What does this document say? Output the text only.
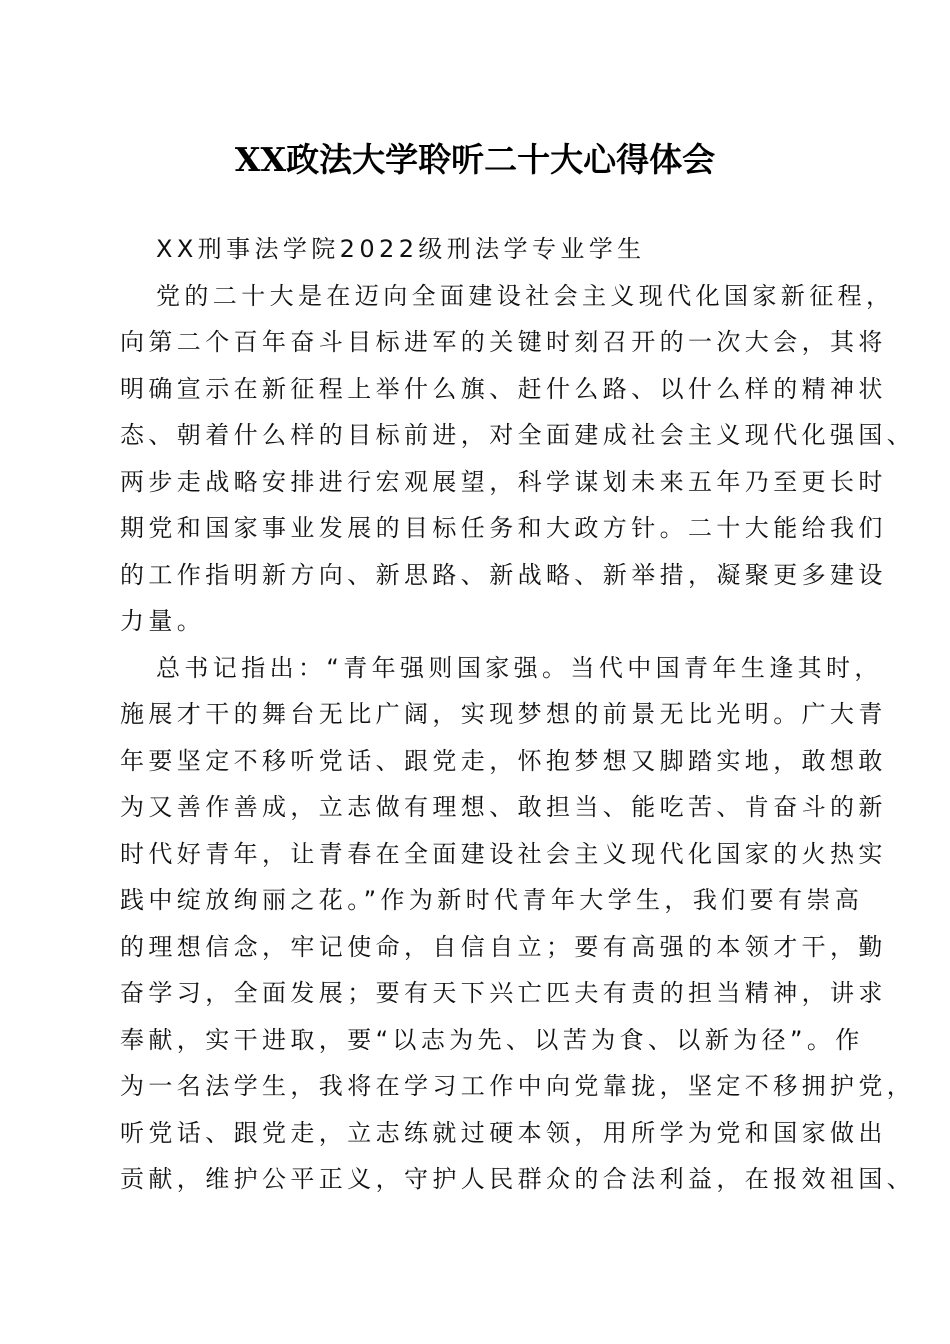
XX政法大学聆听二十大心得体会
XX刑事法学院2022级刑法学专业学生
党的二十大是在迈向全面建设社会主义现代化国家新征程，
向第二个百年奋斗目标进军的关键时刻召开的一次大会，其将
明确宣示在新征程上举什么旗、赶什么路、以什么样的精神状
态、朝着什么样的目标前进，对全面建成社会主义现代化强国、
两步走战略安排进行宏观展望，科学谋划未来五年乃至更长时
期党和国家事业发展的目标任务和大政方针。二十大能给我们
的工作指明新方向、新思路、新战略、新举措，凝聚更多建设
力量。
总书记指出：“青年强则国家强。当代中国青年生逢其时，
施展才干的舞台无比广阔，实现梦想的前景无比光明。广大青
年要坚定不移听党话、跟党走，怀抱梦想又脚踏实地，敢想敢
为又善作善成，立志做有理想、敢担当、能吃苦、肯奋斗的新
时代好青年，让青春在全面建设社会主义现代化国家的火热实
践中绽放绚丽之花。”作为新时代青年大学生，我们要有崇高
的理想信念，牢记使命，自信自立；要有高强的本领才干，勤
奋学习，全面发展；要有天下兴亡匹夫有责的担当精神，讲求
奉献，实干进取，要“以志为先、以苦为食、以新为径”。作
为一名法学生，我将在学习工作中向党靠拢，坚定不移拥护党，
听党话、跟党走，立志练就过硬本领，用所学为党和国家做出
贡献，维护公平正义，守护人民群众的合法利益，在报效祖国、
